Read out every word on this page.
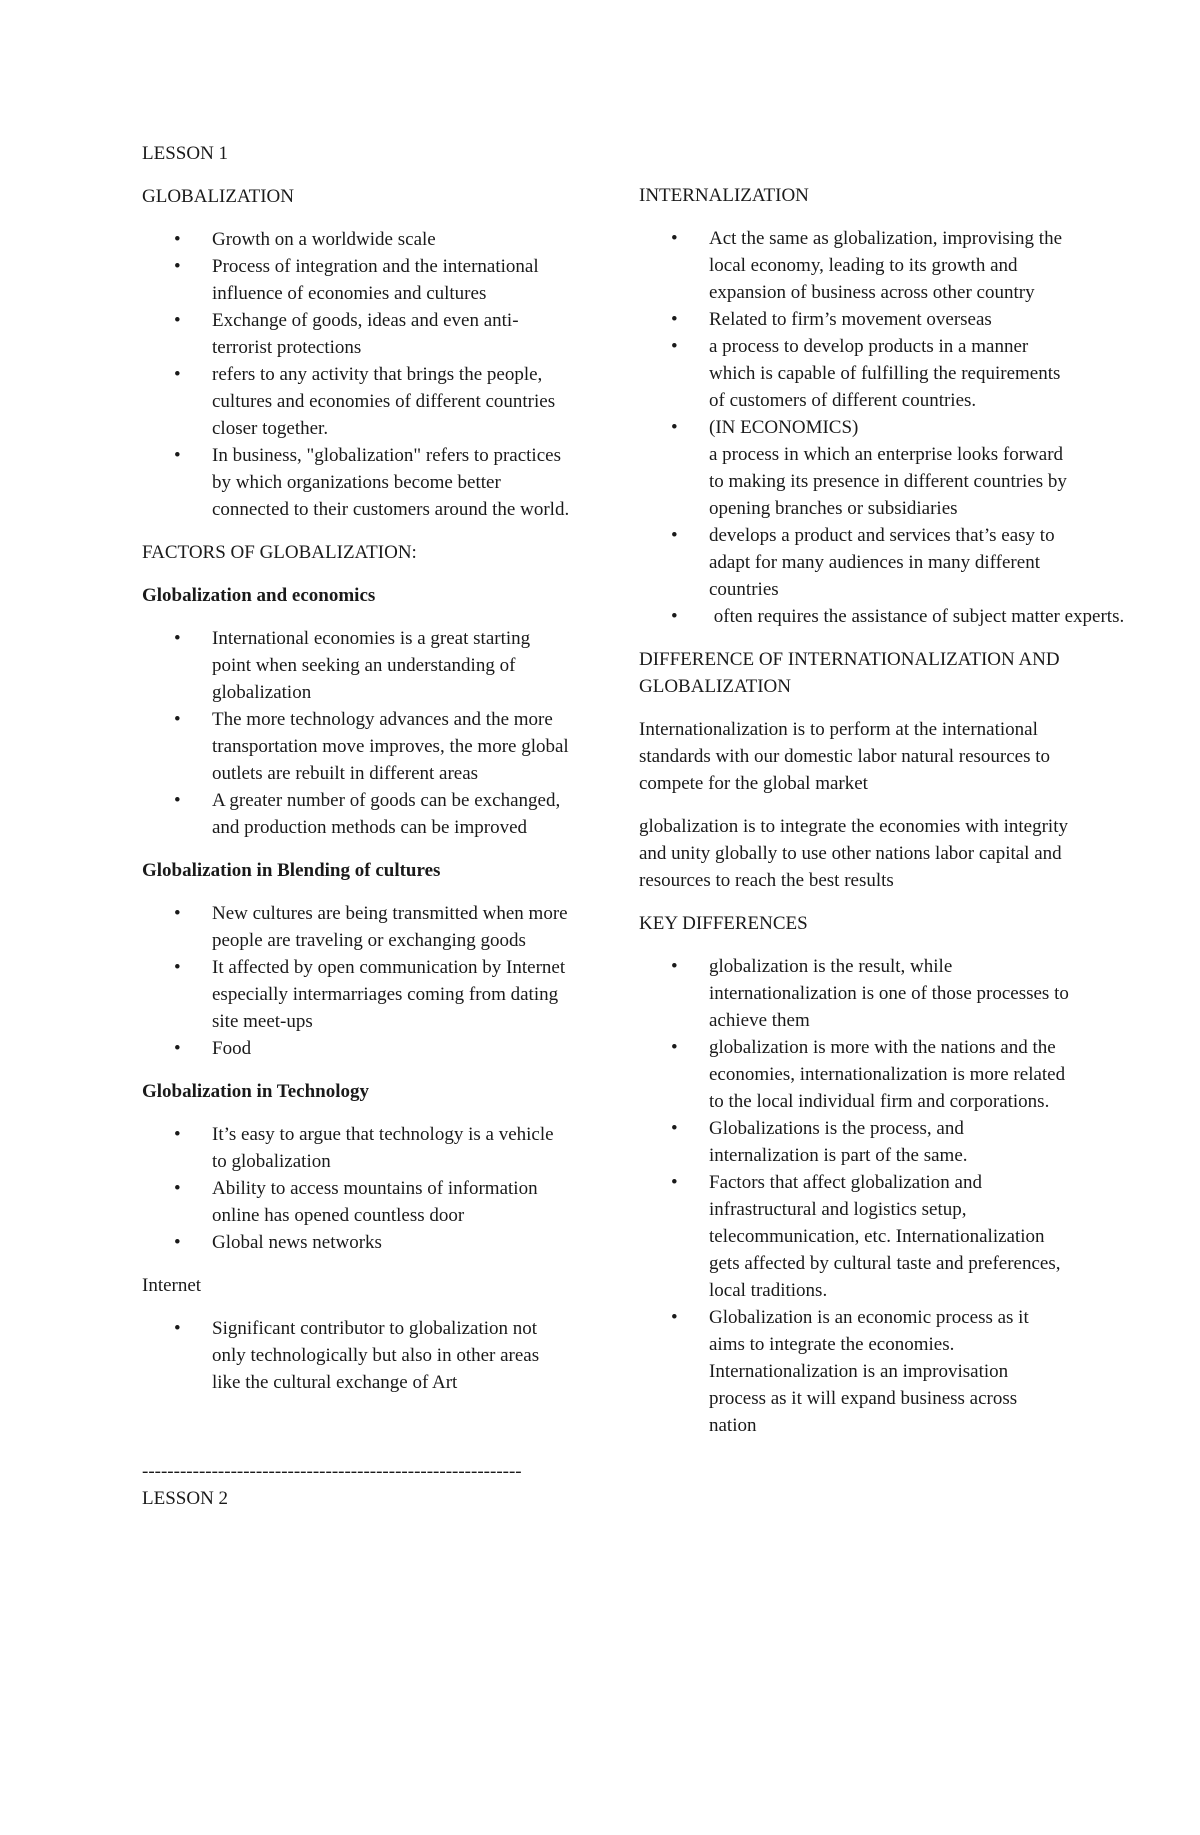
LESSON 1

GLOBALIZATION

• Growth on a worldwide scale
• Process of integration and the international influence of economies and cultures
• Exchange of goods, ideas and even anti-terrorist protections
• refers to any activity that brings the people, cultures and economies of different countries closer together.
• In business, "globalization" refers to practices by which organizations become better connected to their customers around the world.

FACTORS OF GLOBALIZATION:

Globalization and economics

• International economies is a great starting point when seeking an understanding of globalization
• The more technology advances and the more transportation move improves, the more global outlets are rebuilt in different areas
• A greater number of goods can be exchanged, and production methods can be improved

Globalization in Blending of cultures

• New cultures are being transmitted when more people are traveling or exchanging goods
• It affected by open communication by Internet especially intermarriages coming from dating site meet-ups
• Food

Globalization in Technology

• It’s easy to argue that technology is a vehicle to globalization
• Ability to access mountains of information online has opened countless door
• Global news networks

Internet

• Significant contributor to globalization not only technologically but also in other areas like the cultural exchange of Art

------------------------------------------------------------

LESSON 2

INTERNALIZATION

• Act the same as globalization, improvising the local economy, leading to its growth and expansion of business across other country
• Related to firm’s movement overseas
• a process to develop products in a manner which is capable of fulfilling the requirements of customers of different countries.
• (IN ECONOMICS)
a process in which an enterprise looks forward to making its presence in different countries by opening branches or subsidiaries
• develops a product and services that’s easy to adapt for many audiences in many different countries
•  often requires the assistance of subject matter experts.

DIFFERENCE OF INTERNATIONALIZATION AND GLOBALIZATION

Internationalization is to perform at the international standards with our domestic labor natural resources to compete for the global market

globalization is to integrate the economies with integrity and unity globally to use other nations labor capital and resources to reach the best results

KEY DIFFERENCES

• globalization is the result, while internationalization is one of those processes to achieve them
• globalization is more with the nations and the economies, internationalization is more related to the local individual firm and corporations.
• Globalizations is the process, and internalization is part of the same.
• Factors that affect globalization and infrastructural and logistics setup, telecommunication, etc. Internationalization gets affected by cultural taste and preferences, local traditions.
• Globalization is an economic process as it aims to integrate the economies. Internationalization is an improvisation process as it will expand business across nation
